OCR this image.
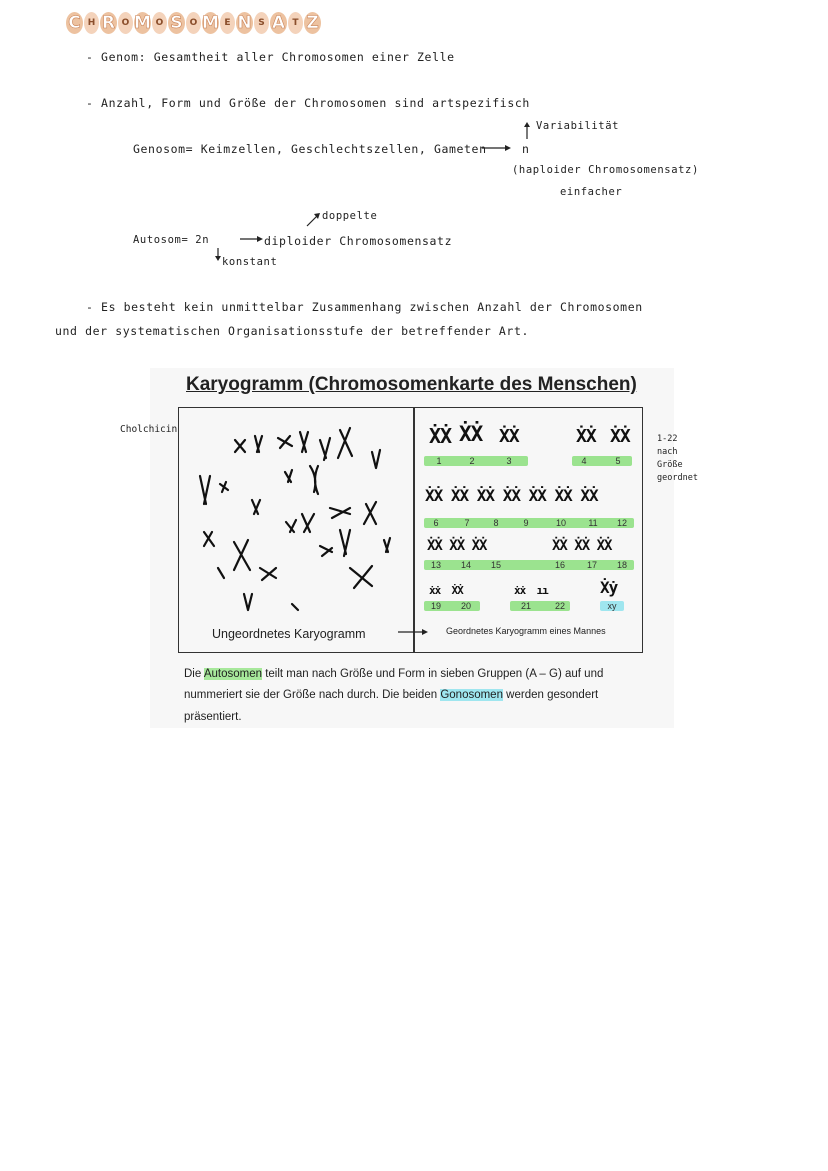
C H R O M O S O M E N S A T Z
- Genom: Gesamtheit aller Chromosomen einer Zelle
- Anzahl, Form und Größe der Chromosomen sind artspezifisch
Variabilität
Genosom= Keimzellen, Geschlechtszellen, Gameten	n
(haploider Chromosomensatz)
einfacher
doppelte
Autosom= 2n	diploider Chromosomensatz
konstant
- Es besteht kein unmittelbar Zusammenhang zwischen Anzahl der Chromosomen
und der systematischen Organisationsstufe der betreffender Art.
Karyogramm (Chromosomenkarte des Menschen)
Cholchicin
1-22
nach
Größe
geordnet
ẊẊ ẊẊ ẊẊ	ẊẊ ẊẊ
1	2	3	4	5
ẊẊ ẊẊ ẊẊ ẊẊ ẊẊ ẊẊ ẊẊ
6	7	8	9	10	11	12
ẊẊ ẊẊ ẊẊ	ẊẊ ẊẊ ẊẊ
13	14	15	16	17	18
ẋẋ  ẊẊ	ẋẋ  ıı	Ẋẏ
19	20	21	22	xy
Ungeordnetes Karyogramm	Geordnetes Karyogramm eines Mannes
Die Autosomen teilt man nach Größe und Form in sieben Gruppen (A – G) auf und
nummeriert sie der Größe nach durch. Die beiden Gonosomen werden gesondert
präsentiert.
